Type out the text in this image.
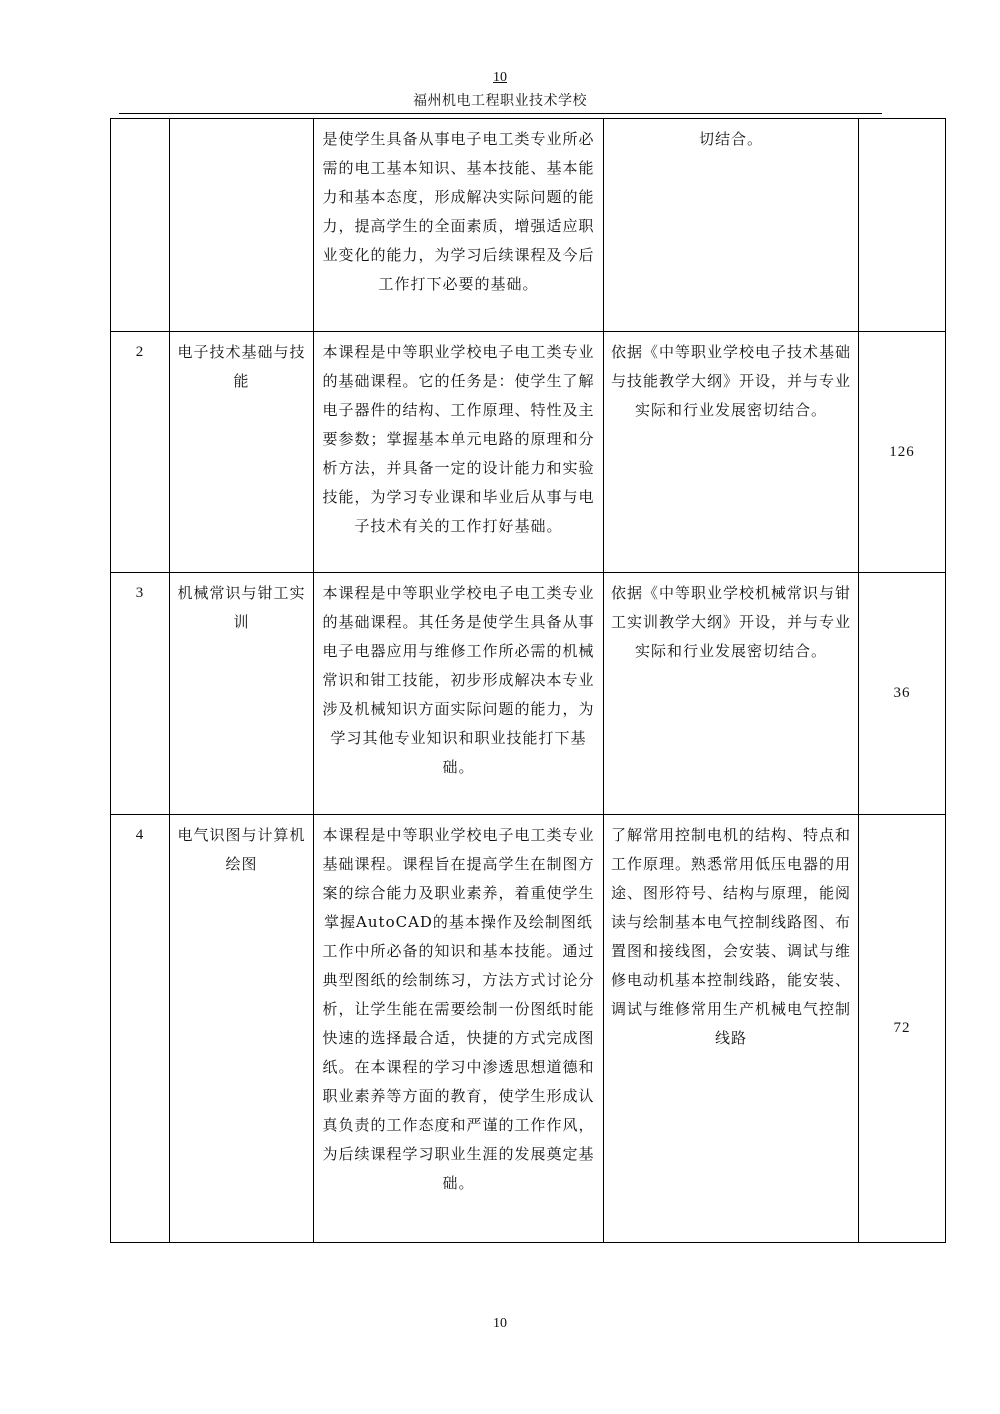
10
福州机电工程职业技术学校
		是使学生具备从事电子电工类专业所必需的电工基本知识、基本技能、基本能力和基本态度，形成解决实际问题的能力，提高学生的全面素质，增强适应职业变化的能力，为学习后续课程及今后工作打下必要的基础。	切结合。	
2	电子技术基础与技能	本课程是中等职业学校电子电工类专业的基础课程。它的任务是：使学生了解电子器件的结构、工作原理、特性及主要参数；掌握基本单元电路的原理和分析方法，并具备一定的设计能力和实验技能，为学习专业课和毕业后从事与电子技术有关的工作打好基础。	依据《中等职业学校电子技术基础与技能教学大纲》开设，并与专业实际和行业发展密切结合。	126
3	机械常识与钳工实训	本课程是中等职业学校电子电工类专业的基础课程。其任务是使学生具备从事电子电器应用与维修工作所必需的机械常识和钳工技能，初步形成解决本专业涉及机械知识方面实际问题的能力，为学习其他专业知识和职业技能打下基础。	依据《中等职业学校机械常识与钳工实训教学大纲》开设，并与专业实际和行业发展密切结合。	36
4	电气识图与计算机绘图	本课程是中等职业学校电子电工类专业基础课程。课程旨在提高学生在制图方案的综合能力及职业素养，着重使学生掌握AutoCAD的基本操作及绘制图纸工作中所必备的知识和基本技能。通过典型图纸的绘制练习，方法方式讨论分析，让学生能在需要绘制一份图纸时能快速的选择最合适，快捷的方式完成图纸。在本课程的学习中渗透思想道德和职业素养等方面的教育，使学生形成认真负责的工作态度和严谨的工作作风，为后续课程学习职业生涯的发展奠定基础。	了解常用控制电机的结构、特点和工作原理。熟悉常用低压电器的用途、图形符号、结构与原理，能阅读与绘制基本电气控制线路图、布置图和接线图，会安装、调试与维修电动机基本控制线路，能安装、调试与维修常用生产机械电气控制线路	72
10
